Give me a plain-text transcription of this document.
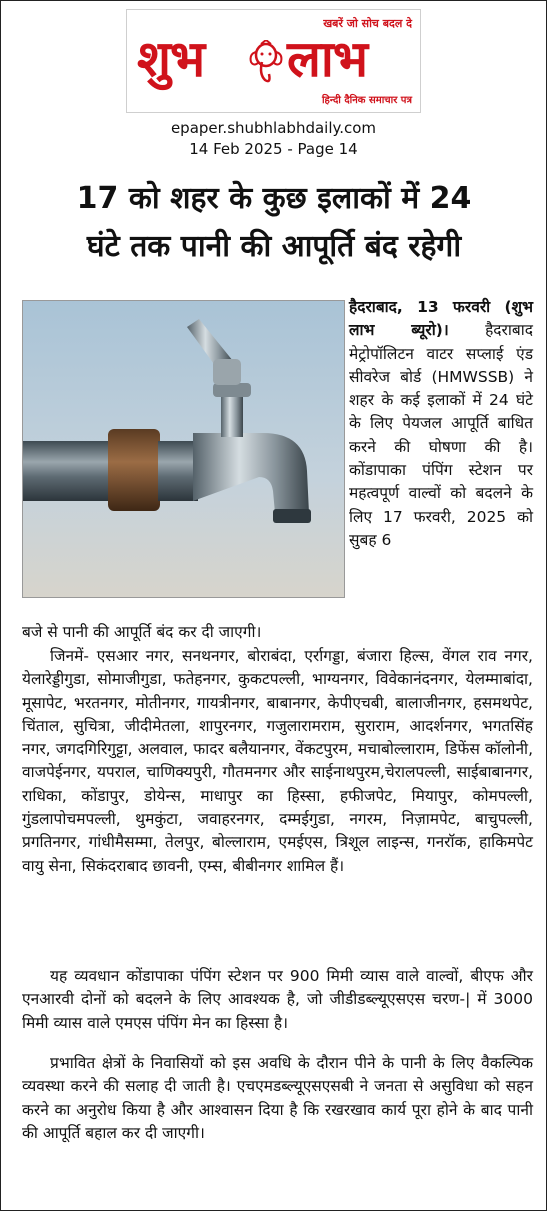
खबरें जो सोच बदल दे
शुभ लाभ
हिन्दी दैनिक समाचार पत्र
epaper.shubhlabhdaily.com
14 Feb 2025 - Page 14
17 को शहर के कुछ इलाकों में 24
घंटे तक पानी की आपूर्ति बंद रहेगी

हैदराबाद, 13 फरवरी (शुभ लाभ ब्यूरो)। हैदराबाद मेट्रोपॉलिटन वाटर सप्लाई एंड सीवरेज बोर्ड (HMWSSB) ने शहर के कई इलाकों में 24 घंटे के लिए पेयजल आपूर्ति बाधित करने की घोषणा की है। कोंडापाका पंपिंग स्टेशन पर महत्वपूर्ण वाल्वों को बदलने के लिए 17 फरवरी, 2025 को सुबह 6

बजे से पानी की आपूर्ति बंद कर दी जाएगी।

जिनमें- एसआर नगर, सनथनगर, बोराबंदा, एर्रागड्डा, बंजारा हिल्स, वेंगल राव नगर, येलारेड्डीगुडा, सोमाजीगुडा, फतेहनगर, कुकटपल्ली, भाग्यनगर, विवेकानंदनगर, येलम्माबांदा, मूसापेट, भरतनगर, मोतीनगर, गायत्रीनगर, बाबानगर, केपीएचबी, बालाजीनगर, हसमथपेट, चिंताल, सुचित्रा, जीदीमेतला, शापुरनगर, गजुलारामराम, सुराराम, आदर्शनगर, भगतसिंह नगर, जगदगिरिगुट्टा, अलवाल, फादर बलैयानगर, वेंकटपुरम, मचाबोल्लाराम, डिफेंस कॉलोनी, वाजपेईनगर, यपराल, चाणिक्यपुरी, गौतमनगर और साईनाथपुरम,चेरालपल्ली, साईबाबानगर, राधिका, कोंडापुर, डोयेन्स, माधापुर का हिस्सा, हफीजपेट, मियापुर, कोमपल्ली, गुंडलापोचमपल्ली, थुमकुंटा, जवाहरनगर, दम्मईगुडा, नगरम, निज़ामपेट, बाचुपल्ली, प्रगतिनगर, गांधीमैसम्मा, तेलपुर, बोल्लाराम, एमईएस, त्रिशूल लाइन्स, गनरॉक, हाकिमपेट वायु सेना, सिकंदराबाद छावनी, एम्स, बीबीनगर शामिल हैं।

यह व्यवधान कोंडापाका पंपिंग स्टेशन पर 900 मिमी व्यास वाले वाल्वों, बीएफ और एनआरवी दोनों को बदलने के लिए आवश्यक है, जो जीडीडब्ल्यूएसएस चरण-| में 3000 मिमी व्यास वाले एमएस पंपिंग मेन का हिस्सा है।

प्रभावित क्षेत्रों के निवासियों को इस अवधि के दौरान पीने के पानी के लिए वैकल्पिक व्यवस्था करने की सलाह दी जाती है। एचएमडब्ल्यूएसएसबी ने जनता से असुविधा को सहन करने का अनुरोध किया है और आश्वासन दिया है कि रखरखाव कार्य पूरा होने के बाद पानी की आपूर्ति बहाल कर दी जाएगी।
